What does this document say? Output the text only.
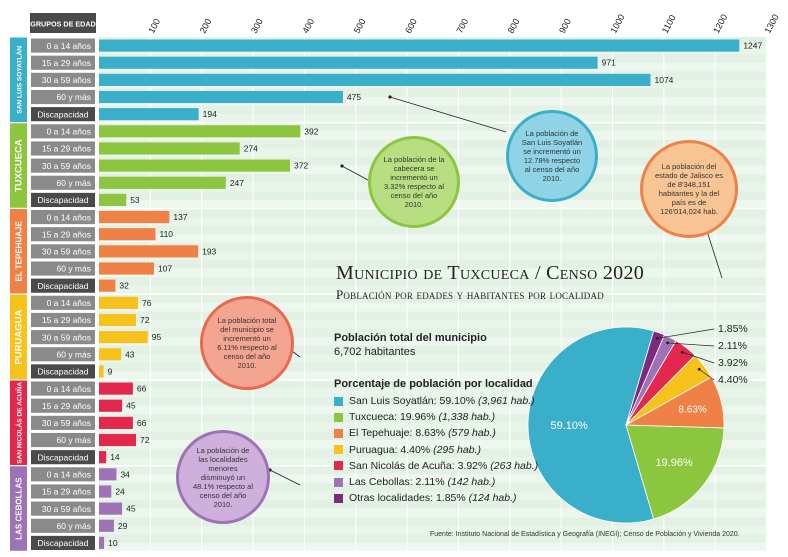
100	200	300	400	500	600	700	800	900	1000	1100	1200	1300
GRUPOS DE EDAD
SAN LUIS SOYATLÁN
0 a 14 años	1247
15 a 29 años	971
30 a 59 años	1074
60 y más	475
Discapacidad	194
TUXCUECA
0 a 14 años	392
15 a 29 años	274
30 a 59 años	372
60 y más	247
Discapacidad	53
EL TEPEHUAJE
0 a 14 años	137
15 a 29 años	110
30 a 59 años	193
60 y más	107
Discapacidad	32
PURUAGUA
0 a 14 años	76
15 a 29 años	72
30 a 59 años	95
60 y más	43
Discapacidad 9
SAN NICOLÁS DE ACUÑA	0 a 14 años	66
15 a 29 años	45
30 a 59 años	66
60 y más	72
Discapacidad	14
LAS CEBOLLAS
0 a 14 años	34
15 a 29 años	24
30 a 59 años	45
60 y más	29
Discapacidad 10
59.10%
19.96%
8.63%
1.85%
2.11%
3.92%
4.40%
La población de San Luis Soyatlán se incrementó un 12.78% respecto al censo del año 2010.
La población de la cabecera se incrementó un 3.32% respecto al censo del año 2010.
La población del estado de Jalisco es de 8'348,151 habitantes y la del país es de 126'014,024 hab.
La población total del municipio se incrementó un 6.11% respecto al censo del año 2010.
La población de las localidades menores disminuyó un 48.1% respecto al censo del año 2010.
Municipio de Tuxcueca / Censo 2020
Población por edades y habitantes por localidad
Población total del municipio
6,702 habitantes
Porcentaje de población por localidad
San Luis Soyatlán: 59.10%
(3,961 hab.)
Tuxcueca: 19.96%
(1,338 hab.)
El Tepehuaje: 8.63%
(579 hab.)
Puruagua: 4.40%
(295 hab.)
San Nicolás de Acuña: 3.92%
(263 hab.)
Las Cebollas: 2.11%
(142 hab.)
Otras localidades: 1.85%
(124 hab.)
Fuente: Instituto Nacional de Estadística y Geografía (INEGI); Censo de Población y Vivienda 2020.
